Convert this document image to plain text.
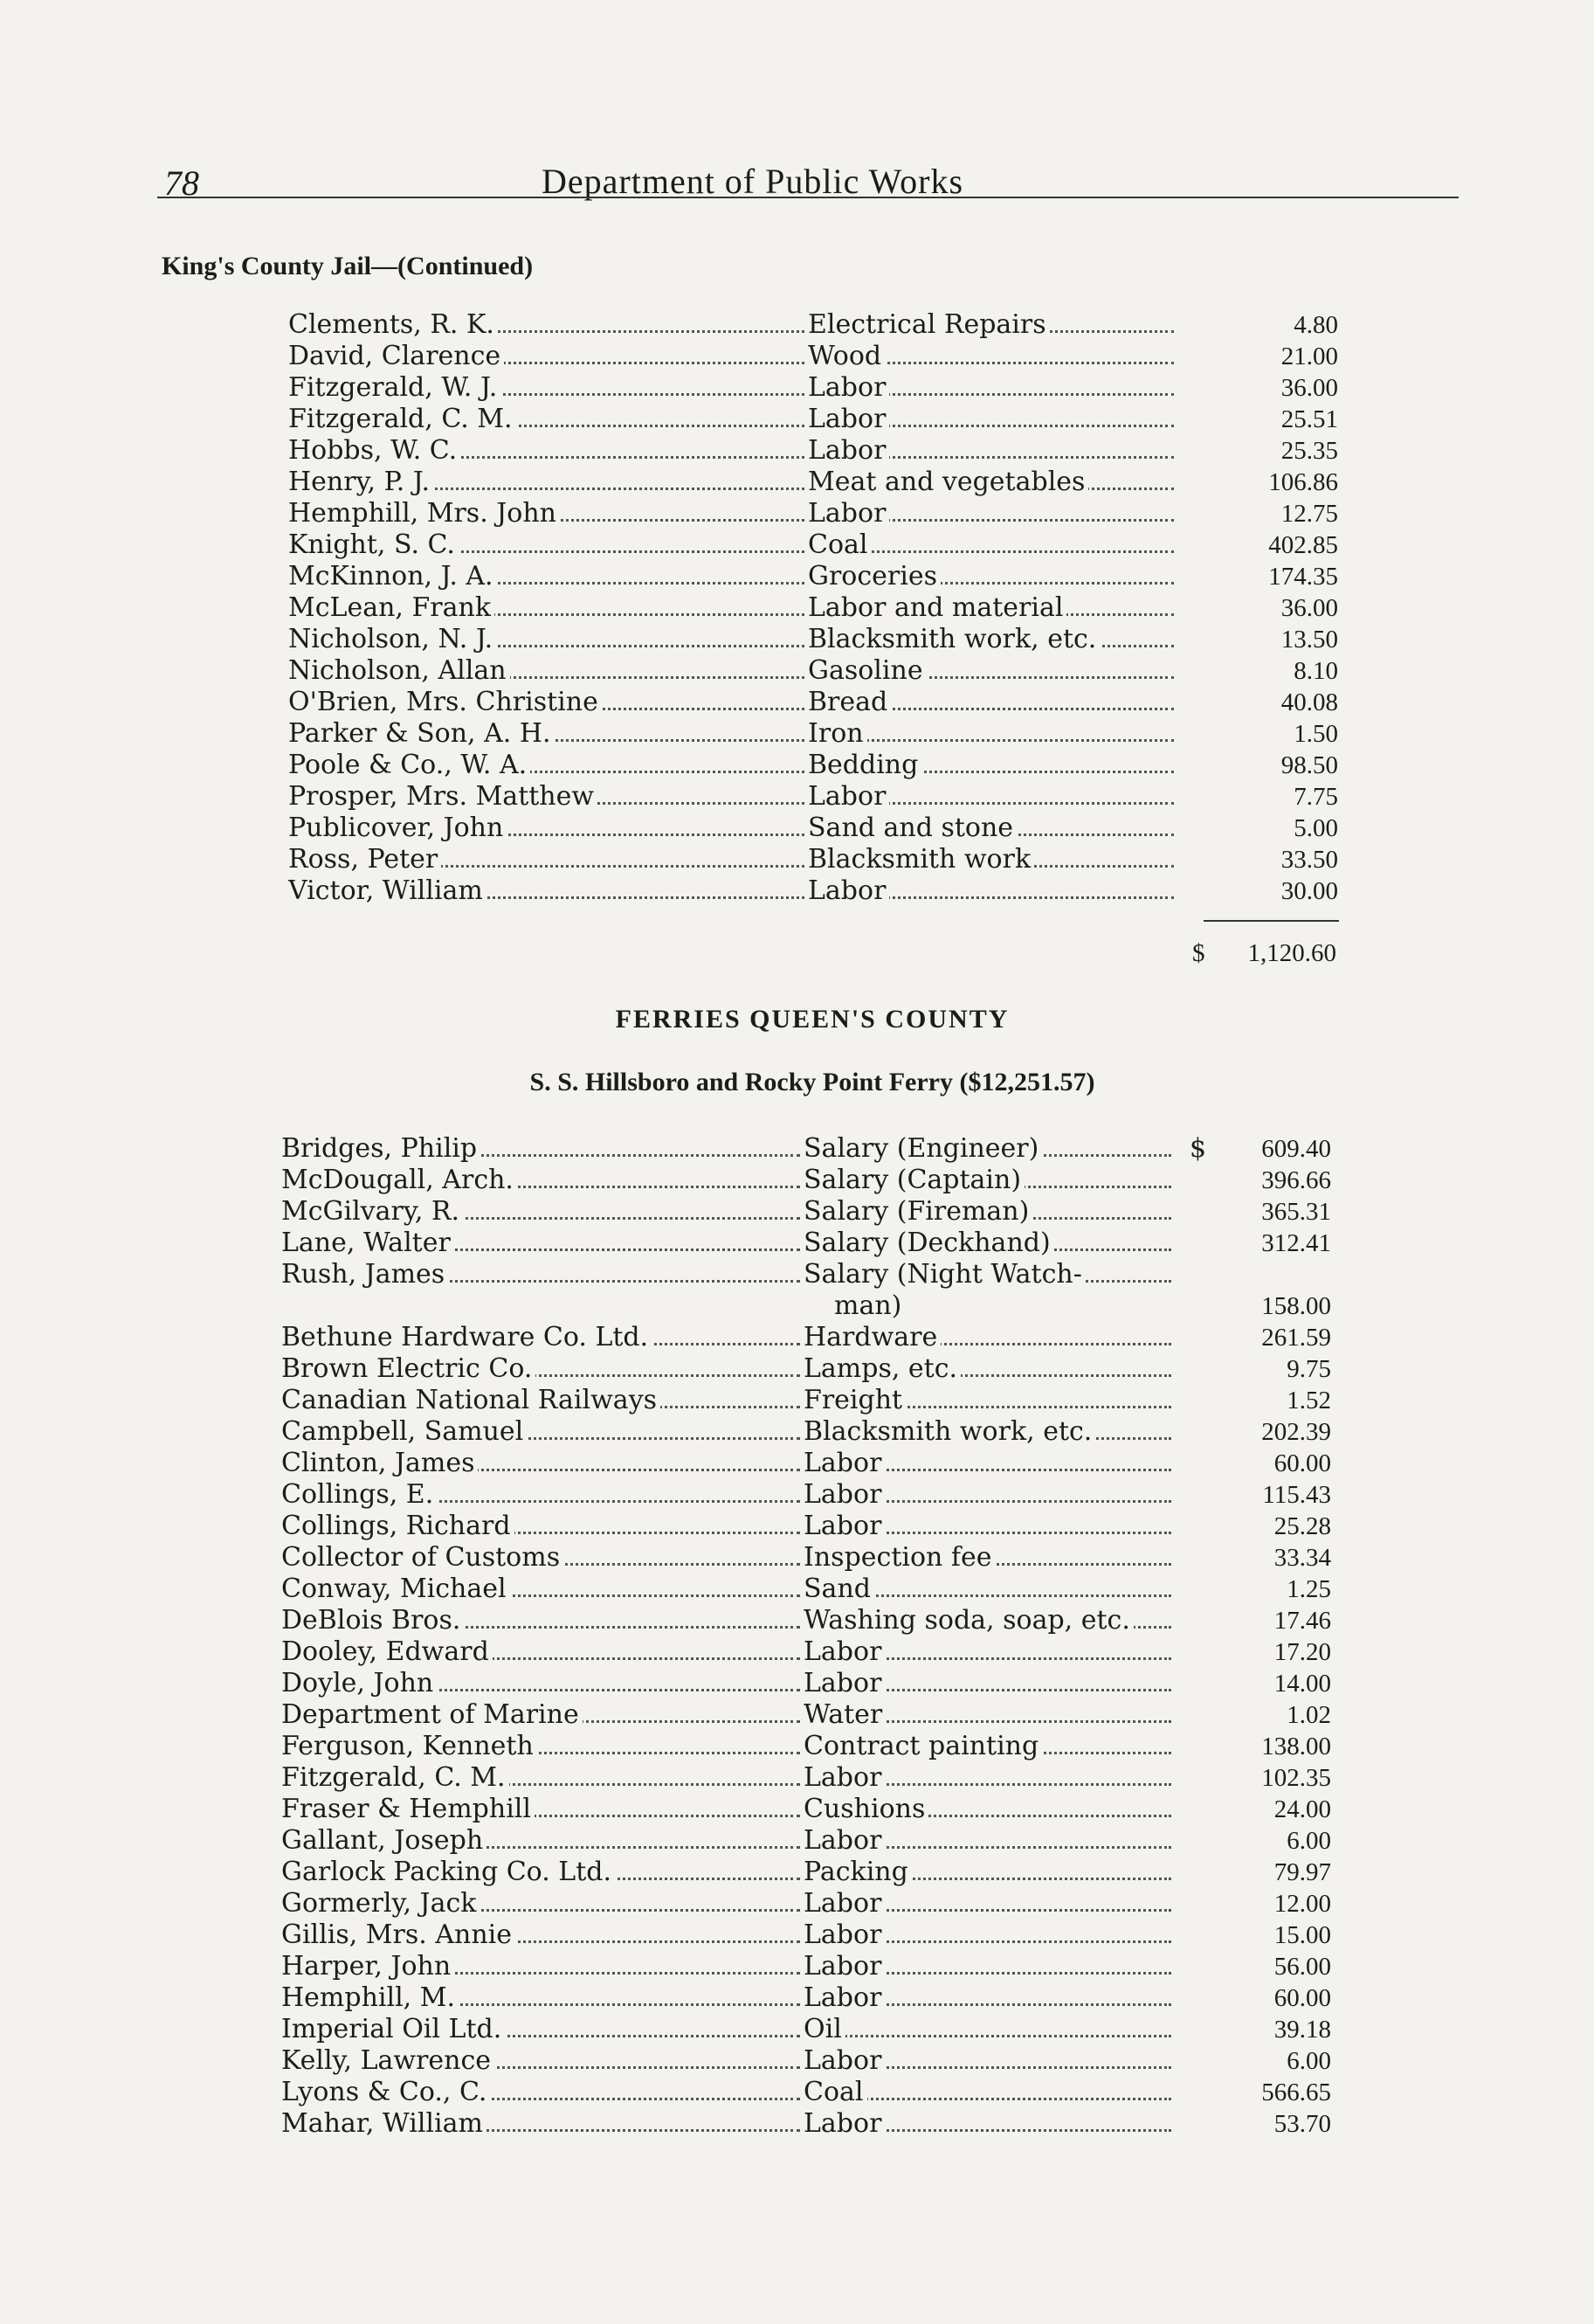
78	Department of Public Works
King's County Jail—(Continued)
Clements, R. K.	Electrical Repairs	4.80
David, Clarence	Wood	21.00
Fitzgerald, W. J.	Labor	36.00
Fitzgerald, C. M.	Labor	25.51
Hobbs, W. C.	Labor	25.35
Henry, P. J.	Meat and vegetables	106.86
Hemphill, Mrs. John	Labor	12.75
Knight, S. C.	Coal	402.85
McKinnon, J. A.	Groceries	174.35
McLean, Frank	Labor and material	36.00
Nicholson, N. J.	Blacksmith work, etc.	13.50
Nicholson, Allan	Gasoline	8.10
O'Brien, Mrs. Christine	Bread	40.08
Parker & Son, A. H.	Iron	1.50
Poole & Co., W. A.	Bedding	98.50
Prosper, Mrs. Matthew	Labor	7.75
Publicover, John	Sand and stone	5.00
Ross, Peter	Blacksmith work	33.50
Victor, William	Labor	30.00
$	1,120.60
FERRIES QUEEN'S COUNTY
S. S. Hillsboro and Rocky Point Ferry ($12,251.57)
Bridges, Philip	Salary (Engineer)	$	609.40
McDougall, Arch.	Salary (Captain)	396.66
McGilvary, R.	Salary (Fireman)	365.31
Lane, Walter	Salary (Deckhand)	312.41
Rush, James	Salary (Night Watch-
man)	158.00
Bethune Hardware Co. Ltd.	Hardware	261.59
Brown Electric Co.	Lamps, etc.	9.75
Canadian National Railways	Freight	1.52
Campbell, Samuel	Blacksmith work, etc.	202.39
Clinton, James	Labor	60.00
Collings, E.	Labor	115.43
Collings, Richard	Labor	25.28
Collector of Customs	Inspection fee	33.34
Conway, Michael	Sand	1.25
DeBlois Bros.	Washing soda, soap, etc.	17.46
Dooley, Edward	Labor	17.20
Doyle, John	Labor	14.00
Department of Marine	Water	1.02
Ferguson, Kenneth	Contract painting	138.00
Fitzgerald, C. M.	Labor	102.35
Fraser & Hemphill	Cushions	24.00
Gallant, Joseph	Labor	6.00
Garlock Packing Co. Ltd.	Packing	79.97
Gormerly, Jack	Labor	12.00
Gillis, Mrs. Annie	Labor	15.00
Harper, John	Labor	56.00
Hemphill, M.	Labor	60.00
Imperial Oil Ltd.	Oil	39.18
Kelly, Lawrence	Labor	6.00
Lyons & Co., C.	Coal	566.65
Mahar, William	Labor	53.70
